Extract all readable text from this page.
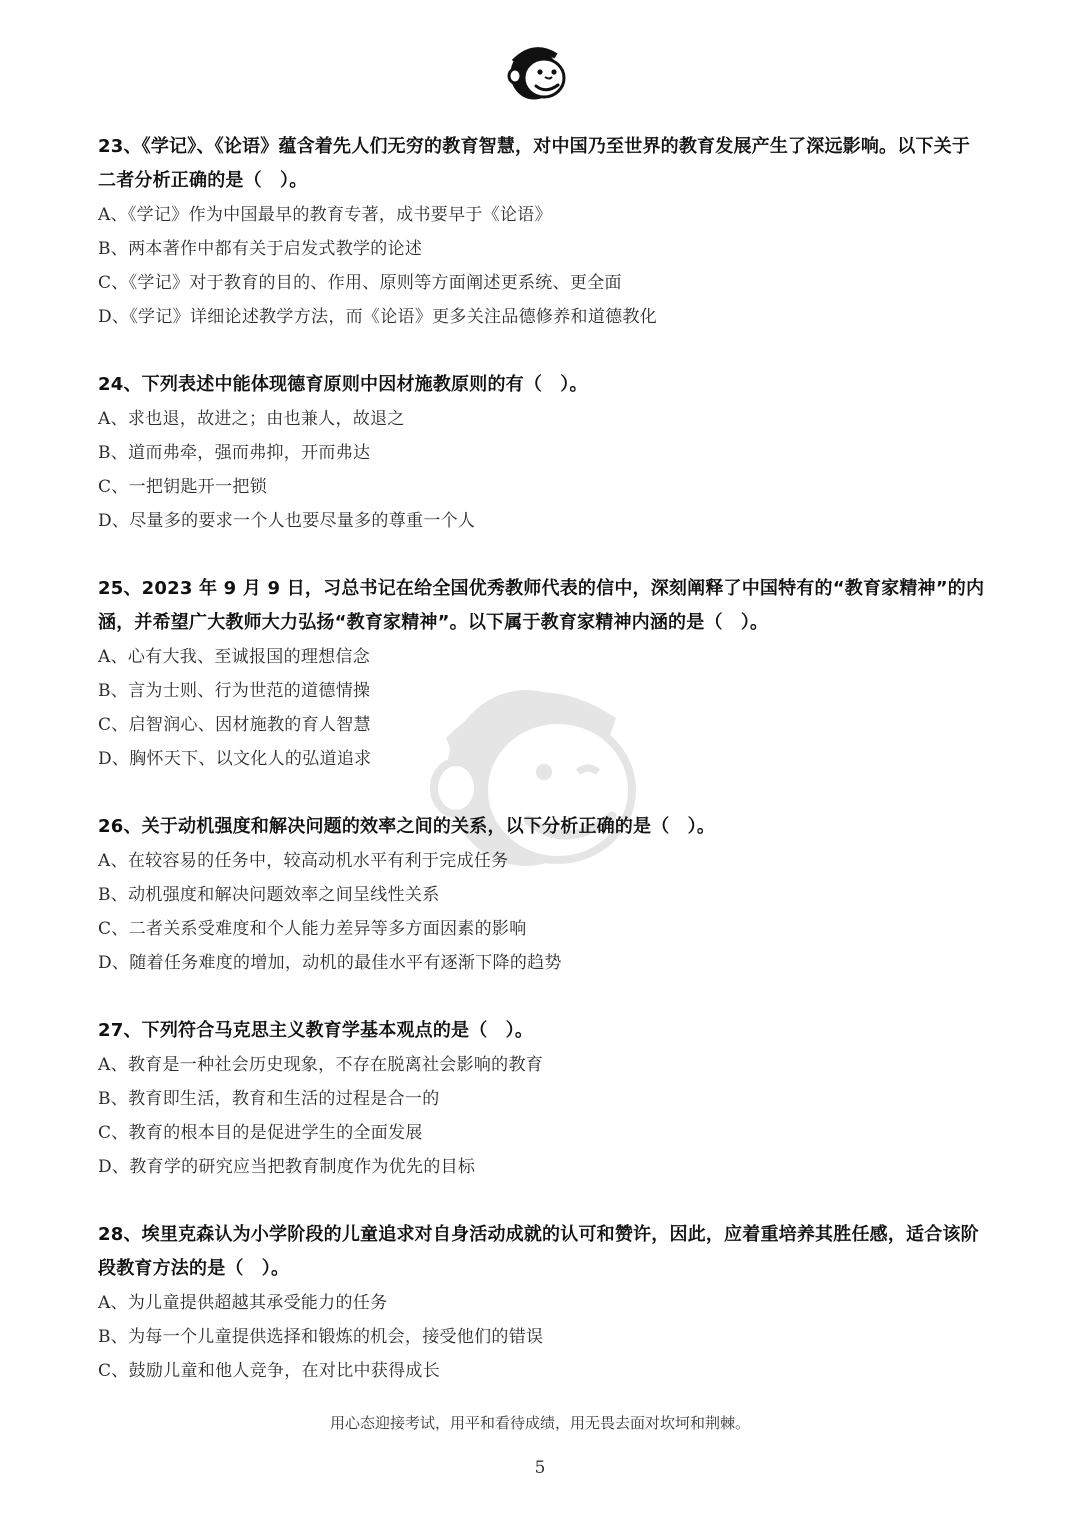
23、《学记》、《论语》蕴含着先人们无穷的教育智慧，对中国乃至世界的教育发展产生了深远影响。以下关于二者分析正确的是（　）。

A、《学记》作为中国最早的教育专著，成书要早于《论语》

B、两本著作中都有关于启发式教学的论述

C、《学记》对于教育的目的、作用、原则等方面阐述更系统、更全面

D、《学记》详细论述教学方法，而《论语》更多关注品德修养和道德教化

24、下列表述中能体现德育原则中因材施教原则的有（　）。

A、求也退，故进之；由也兼人，故退之

B、道而弗牵，强而弗抑，开而弗达

C、一把钥匙开一把锁

D、尽量多的要求一个人也要尽量多的尊重一个人

25、2023 年 9 月 9 日，习总书记在给全国优秀教师代表的信中，深刻阐释了中国特有的“教育家精神”的内涵，并希望广大教师大力弘扬“教育家精神”。以下属于教育家精神内涵的是（　）。

A、心有大我、至诚报国的理想信念

B、言为士则、行为世范的道德情操

C、启智润心、因材施教的育人智慧

D、胸怀天下、以文化人的弘道追求

26、关于动机强度和解决问题的效率之间的关系，以下分析正确的是（　）。

A、在较容易的任务中，较高动机水平有利于完成任务

B、动机强度和解决问题效率之间呈线性关系

C、二者关系受难度和个人能力差异等多方面因素的影响

D、随着任务难度的增加，动机的最佳水平有逐渐下降的趋势

27、下列符合马克思主义教育学基本观点的是（　）。

A、教育是一种社会历史现象，不存在脱离社会影响的教育

B、教育即生活，教育和生活的过程是合一的

C、教育的根本目的是促进学生的全面发展

D、教育学的研究应当把教育制度作为优先的目标

28、埃里克森认为小学阶段的儿童追求对自身活动成就的认可和赞许，因此，应着重培养其胜任感，适合该阶段教育方法的是（　）。

A、为儿童提供超越其承受能力的任务

B、为每一个儿童提供选择和锻炼的机会，接受他们的错误

C、鼓励儿童和他人竞争，在对比中获得成长

用心态迎接考试，用平和看待成绩，用无畏去面对坎坷和荆棘。
5
